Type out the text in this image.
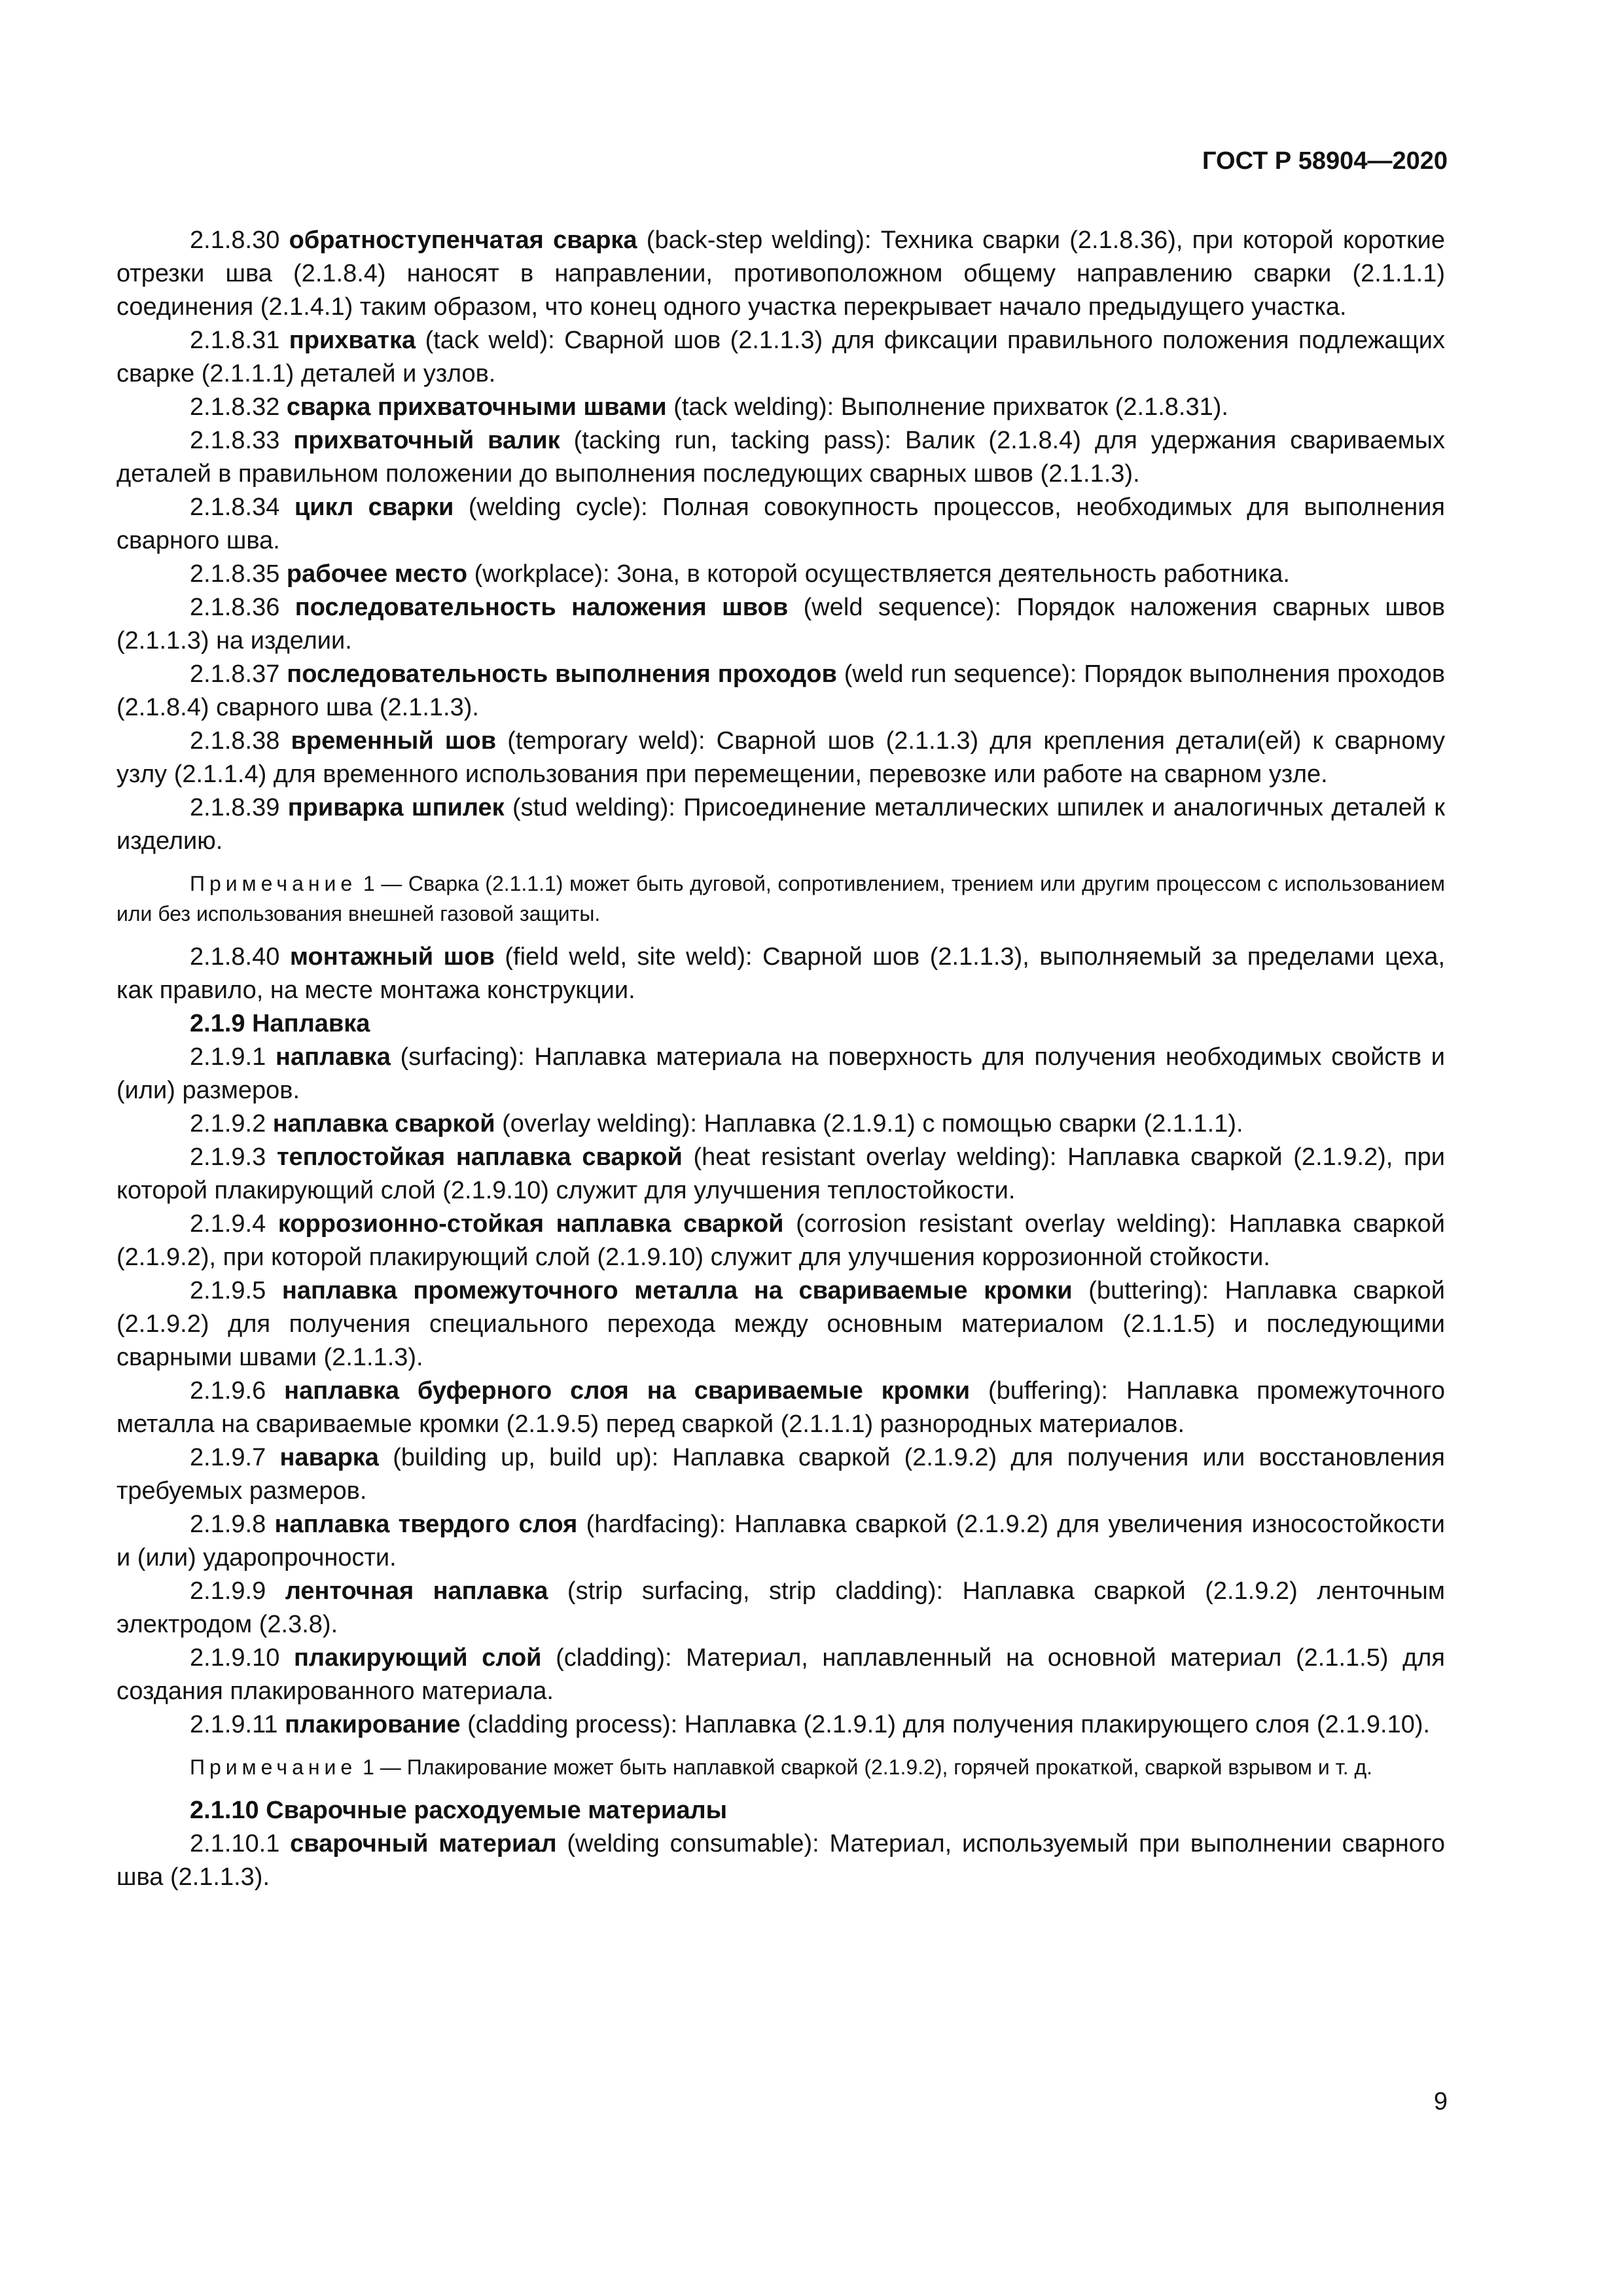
ГОСТ Р 58904—2020

2.1.8.30 обратноступенчатая сварка (back-step welding): Техника сварки (2.1.8.36), при которой короткие отрезки шва (2.1.8.4) наносят в направлении, противоположном общему направлению сварки (2.1.1.1) соединения (2.1.4.1) таким образом, что конец одного участка перекрывает начало предыдущего участка.

2.1.8.31 прихватка (tack weld): Сварной шов (2.1.1.3) для фиксации правильного положения подлежащих сварке (2.1.1.1) деталей и узлов.

2.1.8.32 сварка прихваточными швами (tack welding): Выполнение прихваток (2.1.8.31).

2.1.8.33 прихваточный валик (tacking run, tacking pass): Валик (2.1.8.4) для удержания свариваемых деталей в правильном положении до выполнения последующих сварных швов (2.1.1.3).

2.1.8.34 цикл сварки (welding cycle): Полная совокупность процессов, необходимых для выполнения сварного шва.

2.1.8.35 рабочее место (workplace): Зона, в которой осуществляется деятельность работника.

2.1.8.36 последовательность наложения швов (weld sequence): Порядок наложения сварных швов (2.1.1.3) на изделии.

2.1.8.37 последовательность выполнения проходов (weld run sequence): Порядок выполнения проходов (2.1.8.4) сварного шва (2.1.1.3).

2.1.8.38 временный шов (temporary weld): Сварной шов (2.1.1.3) для крепления детали(ей) к сварному узлу (2.1.1.4) для временного использования при перемещении, перевозке или работе на сварном узле.

2.1.8.39 приварка шпилек (stud welding): Присоединение металлических шпилек и аналогичных деталей к изделию.

Примечание 1 — Сварка (2.1.1.1) может быть дуговой, сопротивлением, трением или другим процессом с использованием или без использования внешней газовой защиты.

2.1.8.40 монтажный шов (field weld, site weld): Сварной шов (2.1.1.3), выполняемый за пределами цеха, как правило, на месте монтажа конструкции.

2.1.9 Наплавка

2.1.9.1 наплавка (surfacing): Наплавка материала на поверхность для получения необходимых свойств и (или) размеров.

2.1.9.2 наплавка сваркой (overlay welding): Наплавка (2.1.9.1) с помощью сварки (2.1.1.1).

2.1.9.3 теплостойкая наплавка сваркой (heat resistant overlay welding): Наплавка сваркой (2.1.9.2), при которой плакирующий слой (2.1.9.10) служит для улучшения теплостойкости.

2.1.9.4 коррозионно-стойкая наплавка сваркой (corrosion resistant overlay welding): Наплавка сваркой (2.1.9.2), при которой плакирующий слой (2.1.9.10) служит для улучшения коррозионной стойкости.

2.1.9.5 наплавка промежуточного металла на свариваемые кромки (buttering): Наплавка сваркой (2.1.9.2) для получения специального перехода между основным материалом (2.1.1.5) и последующими сварными швами (2.1.1.3).

2.1.9.6 наплавка буферного слоя на свариваемые кромки (buffering): Наплавка промежуточного металла на свариваемые кромки (2.1.9.5) перед сваркой (2.1.1.1) разнородных материалов.

2.1.9.7 наварка (building up, build up): Наплавка сваркой (2.1.9.2) для получения или восстановления требуемых размеров.

2.1.9.8 наплавка твердого слоя (hardfacing): Наплавка сваркой (2.1.9.2) для увеличения износостойкости и (или) ударопрочности.

2.1.9.9 ленточная наплавка (strip surfacing, strip cladding): Наплавка сваркой (2.1.9.2) ленточным электродом (2.3.8).

2.1.9.10 плакирующий слой (cladding): Материал, наплавленный на основной материал (2.1.1.5) для создания плакированного материала.

2.1.9.11 плакирование (cladding process): Наплавка (2.1.9.1) для получения плакирующего слоя (2.1.9.10).

Примечание 1 — Плакирование может быть наплавкой сваркой (2.1.9.2), горячей прокаткой, сваркой взрывом и т. д.

2.1.10 Сварочные расходуемые материалы

2.1.10.1 сварочный материал (welding consumable): Материал, используемый при выполнении сварного шва (2.1.1.3).

9
